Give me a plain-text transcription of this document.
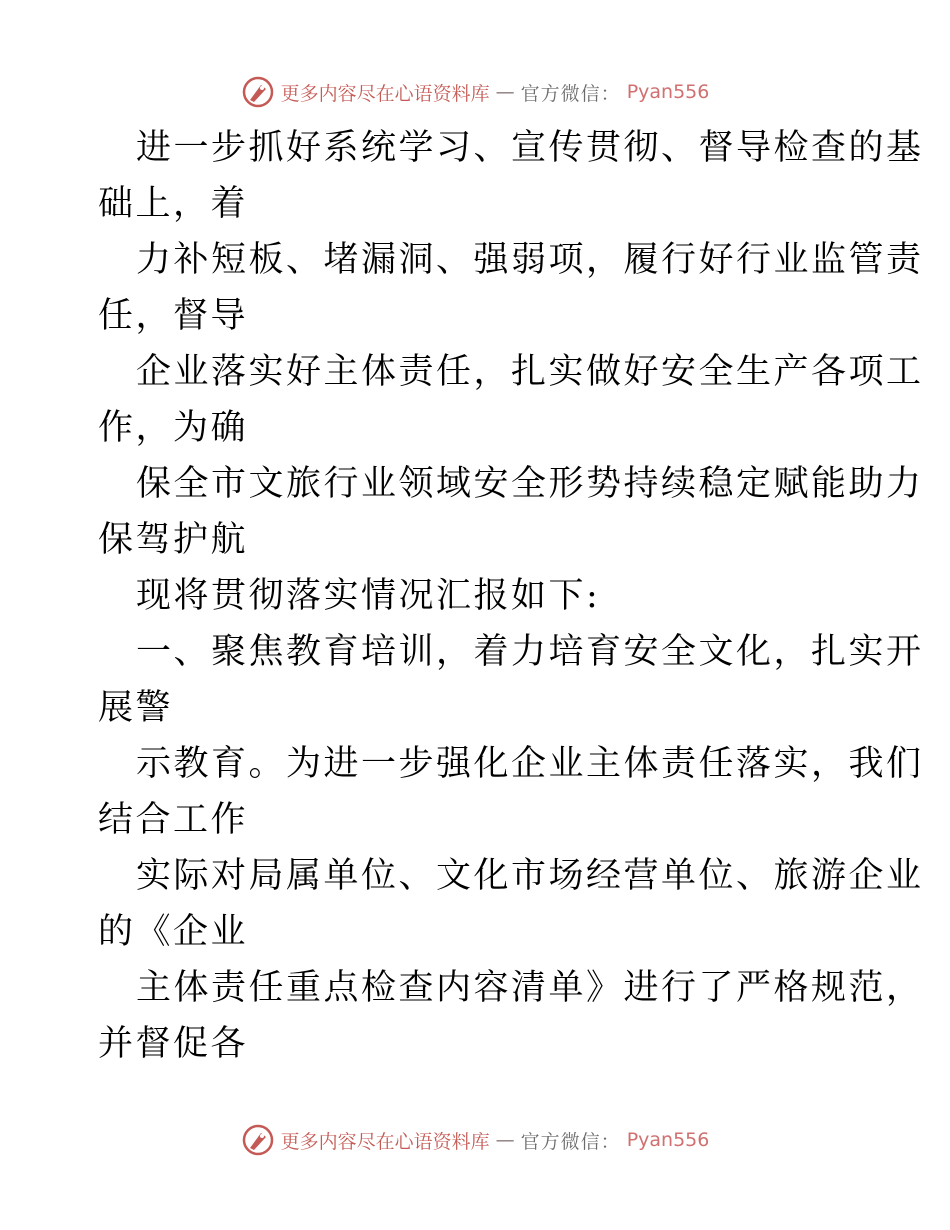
更多内容尽在心语资料库 — 官方微信： Pyan556
进一步抓好系统学习、宣传贯彻、督导检查的基
础上，着
力补短板、堵漏洞、强弱项，履行好行业监管责
任，督导
企业落实好主体责任，扎实做好安全生产各项工
作，为确
保全市文旅行业领域安全形势持续稳定赋能助力
保驾护航
现将贯彻落实情况汇报如下:
一、聚焦教育培训，着力培育安全文化，扎实开
展警
示教育。为进一步强化企业主体责任落实，我们
结合工作
实际对局属单位、文化市场经营单位、旅游企业
的《企业
主体责任重点检查内容清单》进行了严格规范，
并督促各
更多内容尽在心语资料库 — 官方微信： Pyan556
